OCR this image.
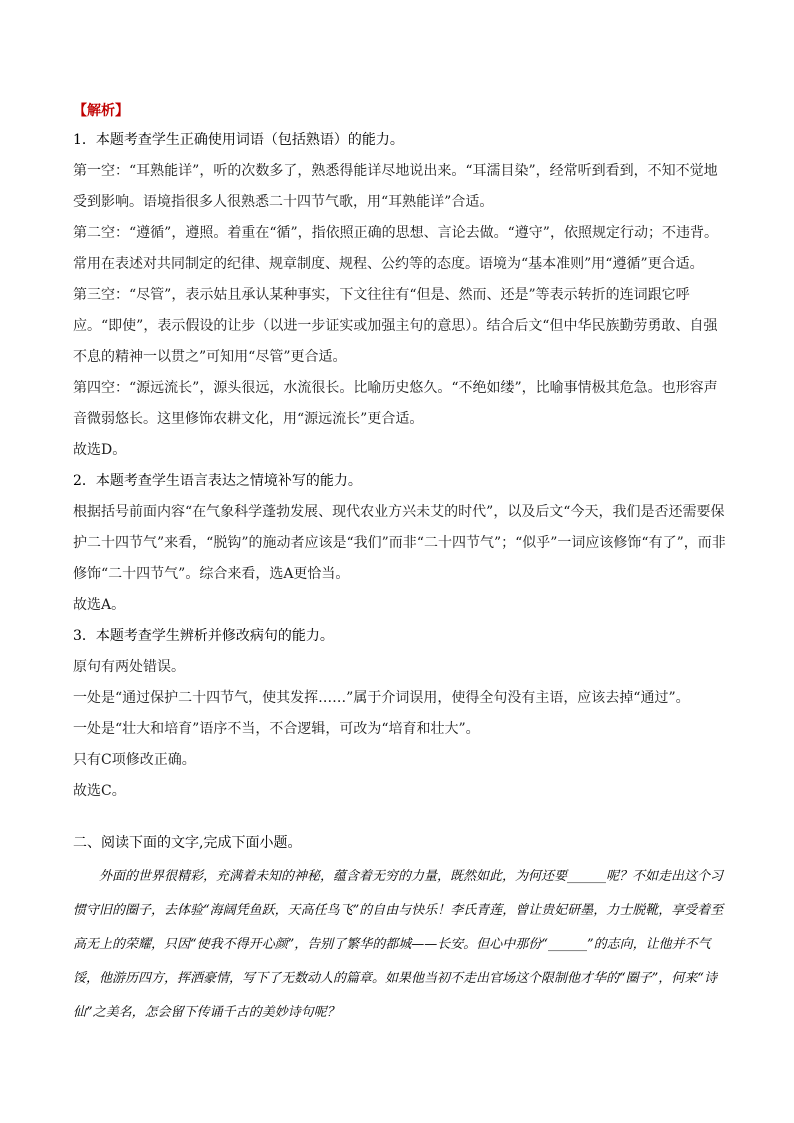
【解析】

1．本题考查学生正确使用词语（包括熟语）的能力。

第一空：“耳熟能详”，听的次数多了，熟悉得能详尽地说出来。“耳濡目染”，经常听到看到，不知不觉地受到影响。语境指很多人很熟悉二十四节气歌，用“耳熟能详”合适。

第二空：“遵循”，遵照。着重在“循”，指依照正确的思想、言论去做。“遵守”，依照规定行动；不违背。常用在表述对共同制定的纪律、规章制度、规程、公约等的态度。语境为“基本准则”用“遵循”更合适。

第三空：“尽管”，表示姑且承认某种事实，下文往往有“但是、然而、还是”等表示转折的连词跟它呼应。“即使”，表示假设的让步（以进一步证实或加强主句的意思）。结合后文“但中华民族勤劳勇敢、自强不息的精神一以贯之”可知用“尽管”更合适。

第四空：“源远流长”，源头很远，水流很长。比喻历史悠久。“不绝如缕”，比喻事情极其危急。也形容声音微弱悠长。这里修饰农耕文化，用“源远流长”更合适。

故选D。

2．本题考查学生语言表达之情境补写的能力。

根据括号前面内容“在气象科学蓬勃发展、现代农业方兴未艾的时代”，以及后文“今天，我们是否还需要保护二十四节气”来看，“脱钩”的施动者应该是“我们”而非“二十四节气”；“似乎”一词应该修饰“有了”，而非修饰“二十四节气”。综合来看，选A更恰当。

故选A。

3．本题考查学生辨析并修改病句的能力。

原句有两处错误。

一处是“通过保护二十四节气，使其发挥……”属于介词误用，使得全句没有主语，应该去掉“通过”。

一处是“壮大和培育”语序不当，不合逻辑，可改为“培育和壮大”。

只有C项修改正确。

故选C。

二、阅读下面的文字,完成下面小题。
外面的世界很精彩，充满着未知的神秘，蕴含着无穷的力量，既然如此，为何还要______呢？不如走出这个习惯守旧的圈子，去体验“海阔凭鱼跃，天高任鸟飞”的自由与快乐！李氏青莲，曾让贵妃研墨，力士脱靴，享受着至高无上的荣耀，只因“使我不得开心颜”，告别了繁华的都城——长安。但心中那份“______”的志向，让他并不气馁，他游历四方，挥洒豪情，写下了无数动人的篇章。如果他当初不走出官场这个限制他才华的“圈子”，何来“诗仙”之美名，怎会留下传诵千古的美妙诗句呢？
